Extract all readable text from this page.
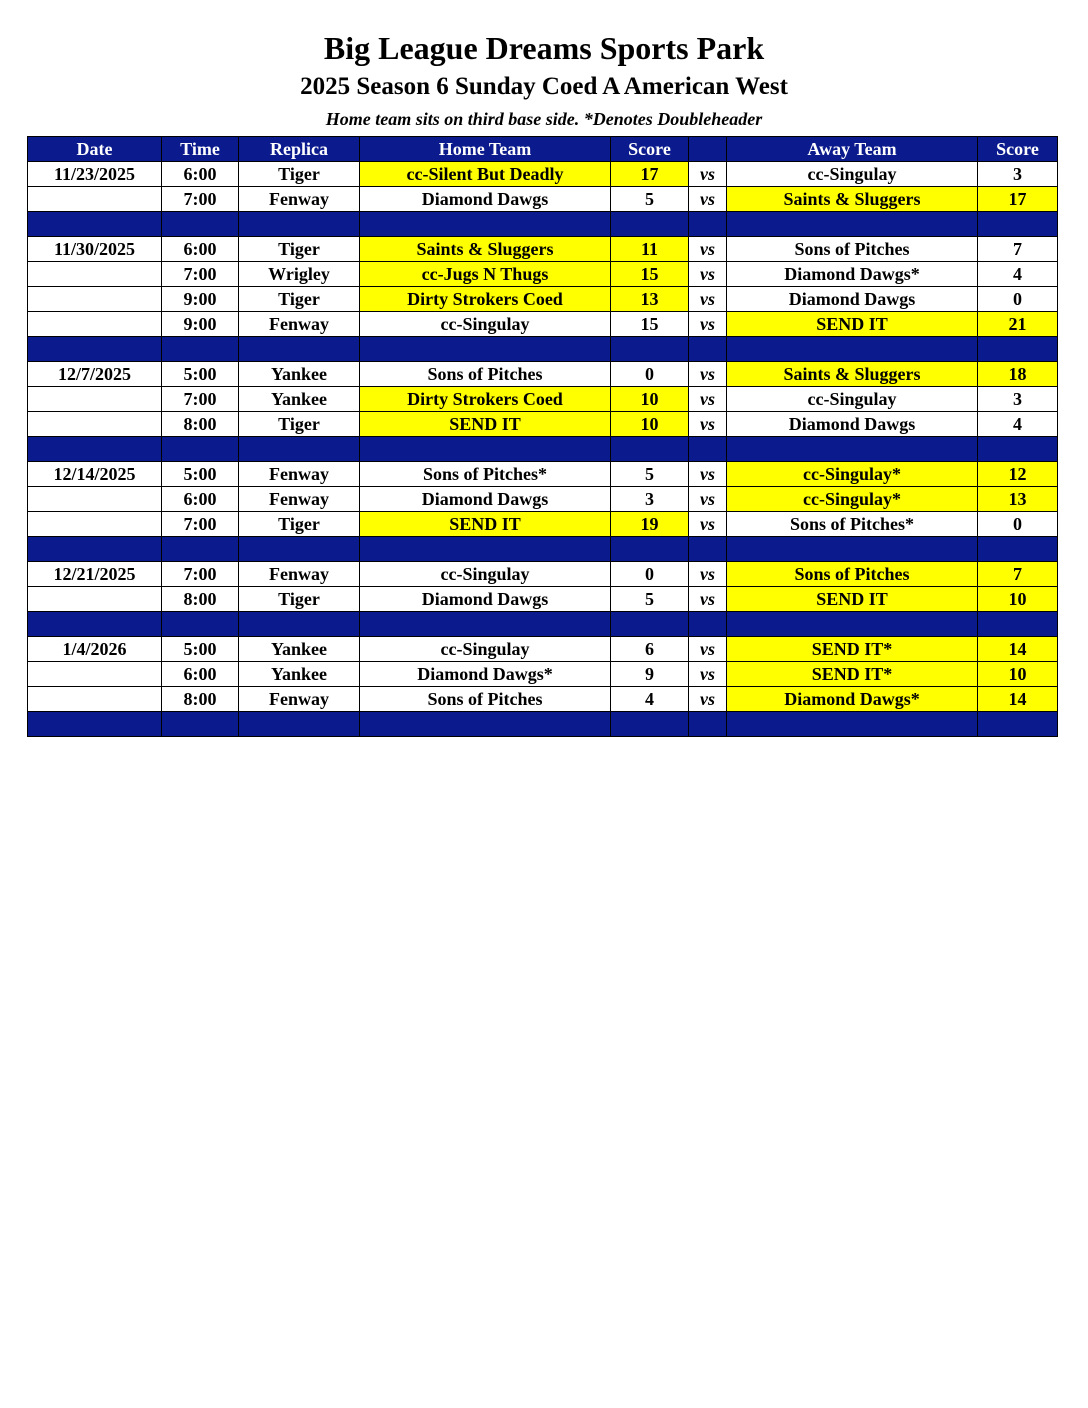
Big League Dreams Sports Park
2025 Season 6 Sunday Coed A American West
Home team sits on third base side. *Denotes Doubleheader
Date	Time	Replica	Home Team	Score		Away Team	Score
11/23/2025	6:00	Tiger	cc-Silent But Deadly	17	vs	cc-Singulay	3
	7:00	Fenway	Diamond Dawgs	5	vs	Saints & Sluggers	17

11/30/2025	6:00	Tiger	Saints & Sluggers	11	vs	Sons of Pitches	7
	7:00	Wrigley	cc-Jugs N Thugs	15	vs	Diamond Dawgs*	4
	9:00	Tiger	Dirty Strokers Coed	13	vs	Diamond Dawgs	0
	9:00	Fenway	cc-Singulay	15	vs	SEND IT	21

12/7/2025	5:00	Yankee	Sons of Pitches	0	vs	Saints & Sluggers	18
	7:00	Yankee	Dirty Strokers Coed	10	vs	cc-Singulay	3
	8:00	Tiger	SEND IT	10	vs	Diamond Dawgs	4

12/14/2025	5:00	Fenway	Sons of Pitches*	5	vs	cc-Singulay*	12
	6:00	Fenway	Diamond Dawgs	3	vs	cc-Singulay*	13
	7:00	Tiger	SEND IT	19	vs	Sons of Pitches*	0

12/21/2025	7:00	Fenway	cc-Singulay	0	vs	Sons of Pitches	7
	8:00	Tiger	Diamond Dawgs	5	vs	SEND IT	10

1/4/2026	5:00	Yankee	cc-Singulay	6	vs	SEND IT*	14
	6:00	Yankee	Diamond Dawgs*	9	vs	SEND IT*	10
	8:00	Fenway	Sons of Pitches	4	vs	Diamond Dawgs*	14
